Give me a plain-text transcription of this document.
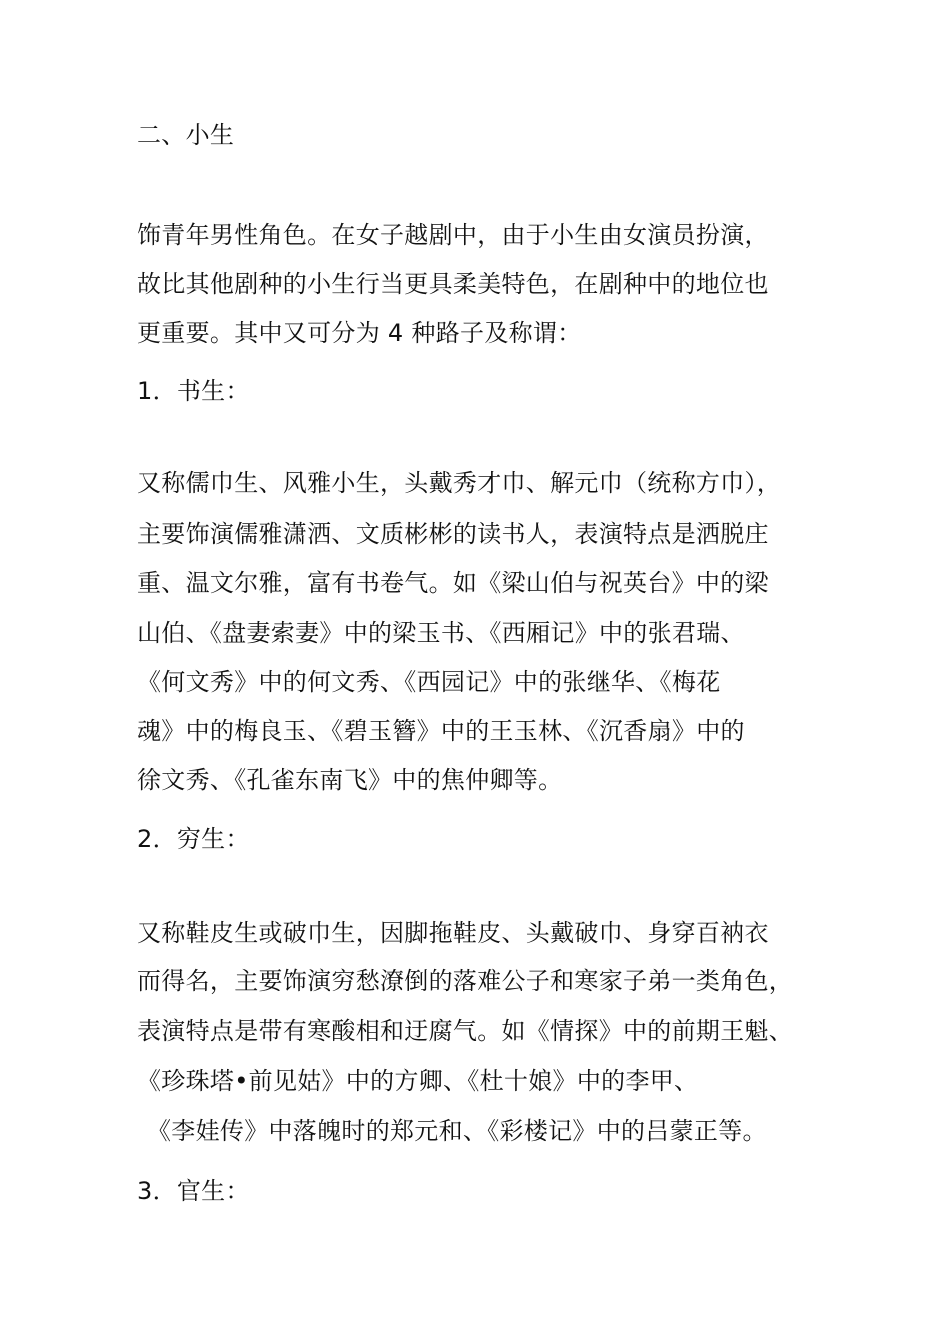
二、小生
饰青年男性角色。在女子越剧中，由于小生由女演员扮演，
故比其他剧种的小生行当更具柔美特色，在剧种中的地位也
更重要。其中又可分为 4 种路子及称谓：
1．书生：
又称儒巾生、风雅小生，头戴秀才巾、解元巾（统称方巾），
主要饰演儒雅潇洒、文质彬彬的读书人，表演特点是洒脱庄
重、温文尔雅，富有书卷气。如《梁山伯与祝英台》中的梁
山伯、《盘妻索妻》中的梁玉书、《西厢记》中的张君瑞、
《何文秀》中的何文秀、《西园记》中的张继华、《梅花
魂》中的梅良玉、《碧玉簪》中的王玉林、《沉香扇》中的
徐文秀、《孔雀东南飞》中的焦仲卿等。
2．穷生：
又称鞋皮生或破巾生，因脚拖鞋皮、头戴破巾、身穿百衲衣
而得名，主要饰演穷愁潦倒的落难公子和寒家子弟一类角色，
表演特点是带有寒酸相和迂腐气。如《情探》中的前期王魁、
《珍珠塔•前见姑》中的方卿、《杜十娘》中的李甲、
《李娃传》中落魄时的郑元和、《彩楼记》中的吕蒙正等。
3．官生：
